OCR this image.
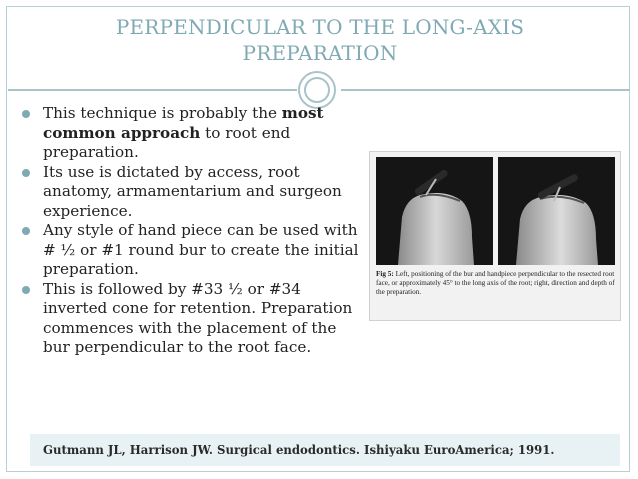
PERPENDICULAR TO THE LONG-AXIS
PREPARATION
This technique is probably the most common approach to root end preparation.
Its use is dictated by access, root anatomy, armamentarium and surgeon experience.
Any style of hand piece can be used with # ½ or #1 round bur to create the initial preparation.
This is followed by #33 ½ or #34 inverted cone for retention. Preparation commences with the placement of the bur perpendicular to the root face.
Fig 5: Left, positioning of the bur and handpiece perpendicular to the resected root face, or approximately 45° to the long axis of the root; right, direction and depth of the preparation.
Gutmann JL, Harrison JW. Surgical endodontics. Ishiyaku EuroAmerica; 1991.
